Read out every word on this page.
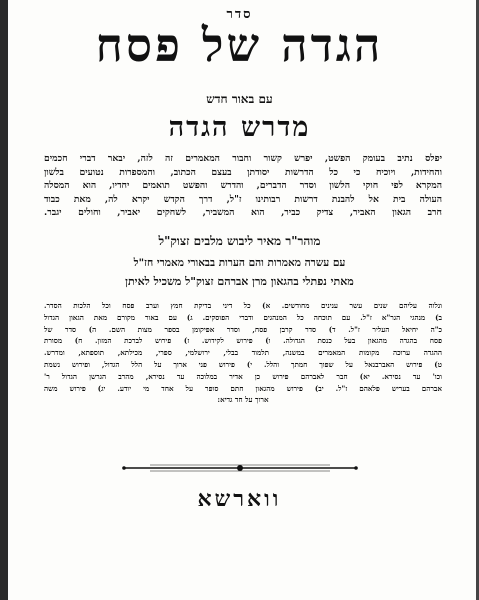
סדר
הגדה של פסח
עם באור חדש
מדרש הגדה
יפלס נתיב בעומק הפשט, יפרש קשור וחבור המאמרים זה לזה, יבאר דברי חכמים
והחידות, ויוכיח כי כל הדרשות יסודתן בעצם הכתוב, והמספרות נטועים בלשון
המקרא לפי חוקי הלשון וסדר הדברים, והדרש והפשט תואמים יחדיו, הוא המסלה
העולה בית אל להבנת דרשות רבותינו ז"ל, דרך הקדש יקרא לה, מאת כבוד
חרב הגאון האביר, צדיק כביר, הוא המשביר, לשחקים יאביר, וחולים יגבר.
מוהר"ר מאיר ליבוש מלבים זצוק"ל
עם עשרה מאמרות והם הערות בבאורי מאמרי חז"ל
מאתי נפתלי בהגאון מרן אברהם זצוק"ל משכיל לאיתן
ונלוה עליהם שנים עשר ענינים מחודשים. א) כל דיני בדיקת חמץ וערב פסח וכל הלכות הסדר.
ב) מנהגי הגר"א ז"ל. עם תוכחה כל המנהגים ודברי הפוסקים. ג) עם באור מקורם מאת הגאון הגדול
כ"ה יחיאל העליר ז"ל. ד) סדר קרבן פסח, וסדר אפיקומן בספר מצות השם. ה) סדר של
פסח בהגדה מהגאון בעל כנסת הגדולה. ו) פירוש לקידוש. ז) פירוש לברכת המזון. ח) מסורת
ההגדה ערוכה מקומות המאמרים במשנה, תלמוד בבלי, ירושלמי, ספרי, מכילתא, תוספתא, ומדרש.
ט) פירוש האברבנאל על שפוך חמתך והלל. י) פירוש פני ארוך על הלל הגדול, ופירוש נשמת
וכו' עד נסירא. יא) חבר לאברהם פירוש כן אדיר במלוכה עד נסירא, מהרב הגרשן הגדול ר'
אברהם בעריש פלאהם ז"ל. יב) פירוש מהגאון חתם סופר על אחד מי יודע. יג) פירוש משה
ארוך על חד גדיא:
ווארשא
